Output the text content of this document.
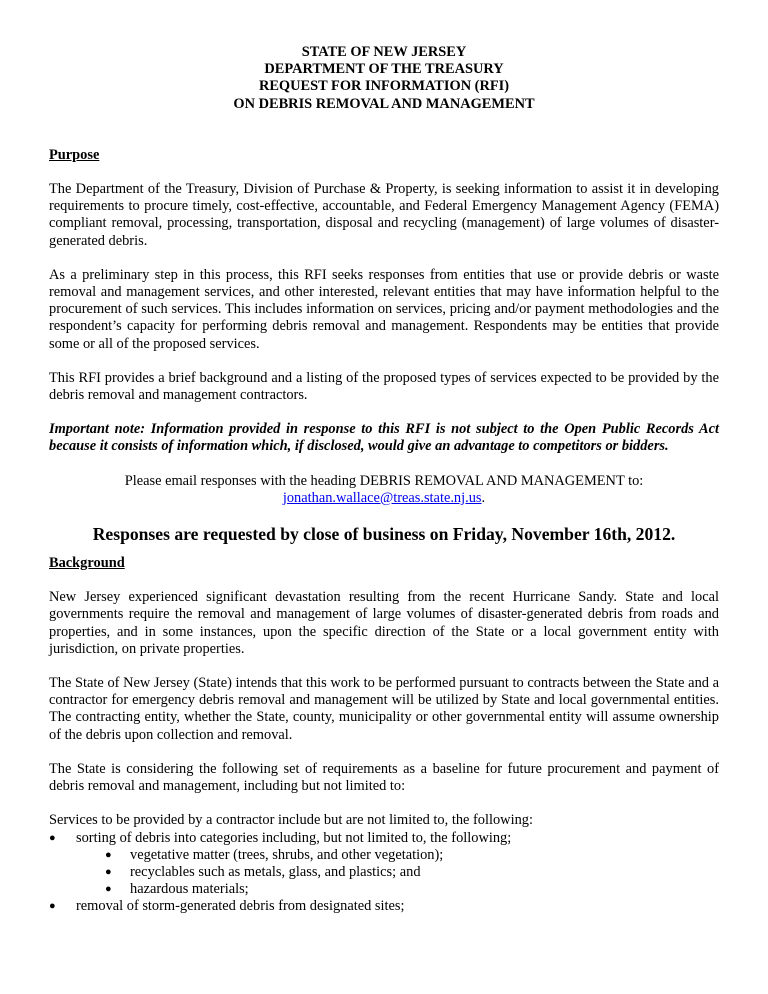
STATE OF NEW JERSEY
DEPARTMENT OF THE TREASURY
REQUEST FOR INFORMATION (RFI)
ON DEBRIS REMOVAL AND MANAGEMENT

Purpose

The Department of the Treasury, Division of Purchase & Property, is seeking information to assist it in developing requirements to procure timely, cost-effective, accountable, and Federal Emergency Management Agency (FEMA) compliant removal, processing, transportation, disposal and recycling (management) of large volumes of disaster-generated debris.

As a preliminary step in this process, this RFI seeks responses from entities that use or provide debris or waste removal and management services, and other interested, relevant entities that may have information helpful to the procurement of such services. This includes information on services, pricing and/or payment methodologies and the respondent’s capacity for performing debris removal and management. Respondents may be entities that provide some or all of the proposed services.

This RFI provides a brief background and a listing of the proposed types of services expected to be provided by the debris removal and management contractors.

Important note: Information provided in response to this RFI is not subject to the Open Public Records Act because it consists of information which, if disclosed, would give an advantage to competitors or bidders.

Please email responses with the heading DEBRIS REMOVAL AND MANAGEMENT to:

jonathan.wallace@treas.state.nj.us.

Responses are requested by close of business on Friday, November 16th, 2012.

Background

New Jersey experienced significant devastation resulting from the recent Hurricane Sandy. State and local governments require the removal and management of large volumes of disaster-generated debris from roads and properties, and in some instances, upon the specific direction of the State or a local government entity with jurisdiction, on private properties.

The State of New Jersey (State) intends that this work to be performed pursuant to contracts between the State and a contractor for emergency debris removal and management will be utilized by State and local governmental entities. The contracting entity, whether the State, county, municipality or other governmental entity will assume ownership of the debris upon collection and removal.

The State is considering the following set of requirements as a baseline for future procurement and payment of debris removal and management, including but not limited to:

Services to be provided by a contractor include but are not limited to, the following:

● sorting of debris into categories including, but not limited to, the following;
● vegetative matter (trees, shrubs, and other vegetation);
● recyclables such as metals, glass, and plastics; and
● hazardous materials;
● removal of storm-generated debris from designated sites;
